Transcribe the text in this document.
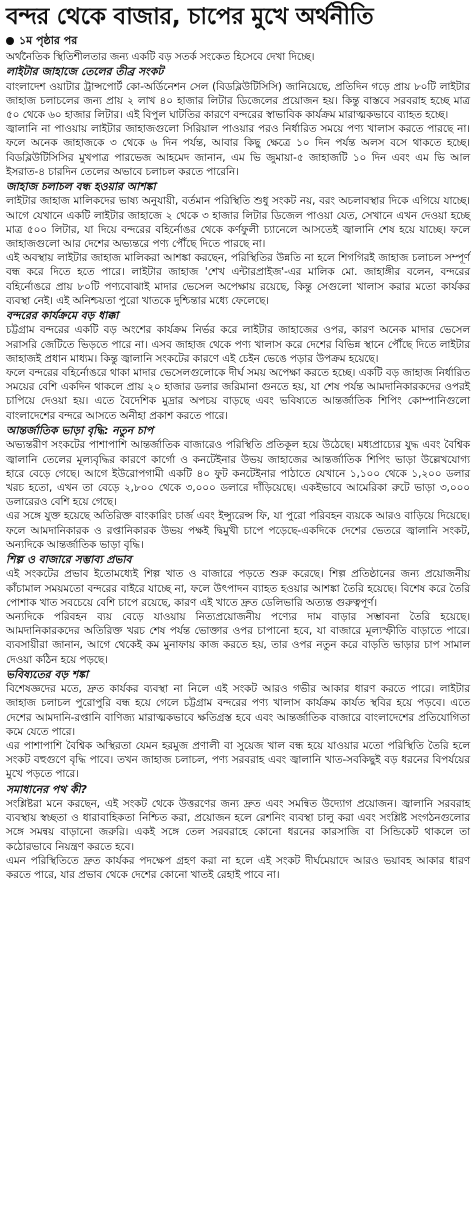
বন্দর থেকে বাজার, চাপের মুখে অর্থনীতি
১ম পৃষ্ঠার পর

অর্থনৈতিক স্থিতিশীলতার জন্য একটি বড় সতর্ক সংকেত হিসেবে দেখা দিচ্ছে।

লাইটার জাহাজে তেলের তীব্র সংকট

বাংলাদেশ ওয়াটার ট্রান্সপোর্ট কো-অর্ডিনেশন সেল (বিডব্লিউটিসিসি) জানিয়েছে, প্রতিদিন গড়ে প্রায় ৮০টি লাইটার জাহাজ চলাচলের জন্য প্রায় ২ লাখ ৪০ হাজার লিটার ডিজেলের প্রয়োজন হয়। কিন্তু বাস্তবে সরবরাহ হচ্ছে মাত্র ৫০ থেকে ৬০ হাজার লিটার। এই বিপুল ঘাটতির কারণে বন্দরের স্বাভাবিক কার্যক্রম মারাত্মকভাবে ব্যাহত হচ্ছে।

জ্বালানি না পাওয়ায় লাইটার জাহাজগুলো সিরিয়াল পাওয়ার পরও নির্ধারিত সময়ে পণ্য খালাস করতে পারছে না। ফলে অনেক জাহাজকে ৩ থেকে ৬ দিন পর্যন্ত, আবার কিছু ক্ষেত্রে ১০ দিন পর্যন্ত অলস বসে থাকতে হচ্ছে। বিডব্লিউটিসিসির মুখপাত্র পারভেজ আহমেদ জানান, এম ভি জুমায়া-৫ জাহাজটি ১০ দিন এবং এম ভি আল ইসরাত-৪ চারদিন তেলের অভাবে চলাচল করতে পারেনি।

জাহাজ চলাচল বন্ধ হওয়ার আশঙ্কা

লাইটার জাহাজ মালিকদের ভাষ্য অনুযায়ী, বর্তমান পরিস্থিতি শুধু সংকট নয়, বরং অচলাবস্থার দিকে এগিয়ে যাচ্ছে। আগে যেখানে একটি লাইটার জাহাজে ২ থেকে ৩ হাজার লিটার ডিজেল পাওয়া যেত, সেখানে এখন দেওয়া হচ্ছে মাত্র ৫০০ লিটার, যা দিয়ে বন্দরের বহির্নোঙর থেকে কর্ণফুলী চ্যানেলে আসতেই জ্বালানি শেষ হয়ে যাচ্ছে। ফলে জাহাজগুলো আর দেশের অভ্যন্তরে পণ্য পৌঁছে দিতে পারছে না।

এই অবস্থায় লাইটার জাহাজ মালিকরা আশঙ্কা করছেন, পরিস্থিতির উন্নতি না হলে শিগগিরই জাহাজ চলাচল সম্পূর্ণ বন্ধ করে দিতে হতে পারে। লাইটার জাহাজ 'শেখ এন্টারপ্রাইজ'-এর মালিক মো. জাহাঙ্গীর বলেন, বন্দরের বহির্নোঙরে প্রায় ৮০টি পণ্যবোঝাই মাদার ভেসেল অপেক্ষায় রয়েছে, কিন্তু সেগুলো খালাস করার মতো কার্যকর ব্যবস্থা নেই। এই অনিশ্চয়তা পুরো খাতকে দুশ্চিন্তার মধ্যে ফেলেছে।

বন্দরের কার্যক্রমে বড় ধাক্কা

চট্টগ্রাম বন্দরের একটি বড় অংশের কার্যক্রম নির্ভর করে লাইটার জাহাজের ওপর, কারণ অনেক মাদার ভেসেল সরাসরি জেটিতে ভিড়তে পারে না। এসব জাহাজ থেকে পণ্য খালাস করে দেশের বিভিন্ন স্থানে পৌঁছে দিতে লাইটার জাহাজই প্রধান মাধ্যম। কিন্তু জ্বালানি সংকটের কারণে এই চেইন ভেঙে পড়ার উপক্রম হয়েছে।

ফলে বন্দরের বহির্নোঙরে থাকা মাদার ভেসেলগুলোকে দীর্ঘ সময় অপেক্ষা করতে হচ্ছে। একটি বড় জাহাজ নির্ধারিত সময়ের বেশি একদিন থাকলে প্রায় ২০ হাজার ডলার জরিমানা গুনতে হয়, যা শেষ পর্যন্ত আমদানিকারকদের ওপরই চাপিয়ে দেওয়া হয়। এতে বৈদেশিক মুদ্রার অপচয় বাড়ছে এবং ভবিষ্যতে আন্তর্জাতিক শিপিং কোম্পানিগুলো বাংলাদেশের বন্দরে আসতে অনীহা প্রকাশ করতে পারে।

আন্তর্জাতিক ভাড়া বৃদ্ধি: নতুন চাপ

অভ্যন্তরীণ সংকটের পাশাপাশি আন্তর্জাতিক বাজারেও পরিস্থিতি প্রতিকূল হয়ে উঠেছে। মধ্যপ্রাচ্যের যুদ্ধ এবং বৈশ্বিক জ্বালানি তেলের মূল্যবৃদ্ধির কারণে কার্গো ও কনটেইনার উভয় জাহাজের আন্তর্জাতিক শিপিং ভাড়া উল্লেখযোগ্য হারে বেড়ে গেছে। আগে ইউরোপগামী একটি ৪০ ফুট কনটেইনার পাঠাতে যেখানে ১,১০০ থেকে ১,২০০ ডলার খরচ হতো, এখন তা বেড়ে ২,৮০০ থেকে ৩,০০০ ডলারে দাঁড়িয়েছে। একইভাবে আমেরিকা রুটে ভাড়া ৩,০০০ ডলারেরও বেশি হয়ে গেছে।

এর সঙ্গে যুক্ত হয়েছে অতিরিক্ত বাংকারিং চার্জ এবং ইন্স্যুরেন্স ফি, যা পুরো পরিবহন ব্যয়কে আরও বাড়িয়ে দিয়েছে। ফলে আমদানিকারক ও রপ্তানিকারক উভয় পক্ষই দ্বিমুখী চাপে পড়েছে-একদিকে দেশের ভেতরে জ্বালানি সংকট, অন্যদিকে আন্তর্জাতিক ভাড়া বৃদ্ধি।

শিল্প ও বাজারে সম্ভাব্য প্রভাব

এই সংকটের প্রভাব ইতোমধ্যেই শিল্প খাত ও বাজারে পড়তে শুরু করেছে। শিল্প প্রতিষ্ঠানের জন্য প্রয়োজনীয় কাঁচামাল সময়মতো বন্দরের বাইরে যাচ্ছে না, ফলে উৎপাদন ব্যাহত হওয়ার আশঙ্কা তৈরি হয়েছে। বিশেষ করে তৈরি পোশাক খাত সবচেয়ে বেশি চাপে রয়েছে, কারণ এই খাতে দ্রুত ডেলিভারি অত্যন্ত গুরুত্বপূর্ণ।

অন্যদিকে পরিবহন ব্যয় বেড়ে যাওয়ায় নিত্যপ্রয়োজনীয় পণ্যের দাম বাড়ার সম্ভাবনা তৈরি হয়েছে। আমদানিকারকদের অতিরিক্ত খরচ শেষ পর্যন্ত ভোক্তার ওপর চাপানো হবে, যা বাজারে মূল্যস্ফীতি বাড়াতে পারে। ব্যবসায়ীরা জানান, আগে থেকেই কম মুনাফায় কাজ করতে হয়, তার ওপর নতুন করে বাড়তি ভাড়ার চাপ সামাল দেওয়া কঠিন হয়ে পড়ছে।

ভবিষ্যতের বড় শঙ্কা

বিশেষজ্ঞদের মতে, দ্রুত কার্যকর ব্যবস্থা না নিলে এই সংকট আরও গভীর আকার ধারণ করতে পারে। লাইটার জাহাজ চলাচল পুরোপুরি বন্ধ হয়ে গেলে চট্টগ্রাম বন্দরের পণ্য খালাস কার্যক্রম কার্যত স্থবির হয়ে পড়বে। এতে দেশের আমদানি-রপ্তানি বাণিজ্য মারাত্মকভাবে ক্ষতিগ্রস্ত হবে এবং আন্তর্জাতিক বাজারে বাংলাদেশের প্রতিযোগিতা কমে যেতে পারে।

এর পাশাপাশি বৈশ্বিক অস্থিরতা যেমন হরমুজ প্রণালী বা সুয়েজ খাল বন্ধ হয়ে যাওয়ার মতো পরিস্থিতি তৈরি হলে সংকট বহুগুণে বৃদ্ধি পাবে। তখন জাহাজ চলাচল, পণ্য সরবরাহ এবং জ্বালানি খাত-সবকিছুই বড় ধরনের বিপর্যয়ের মুখে পড়তে পারে।

সমাধানের পথ কী?

সংশ্লিষ্টরা মনে করছেন, এই সংকট থেকে উত্তরণের জন্য দ্রুত এবং সমন্বিত উদ্যোগ প্রয়োজন। জ্বালানি সরবরাহ ব্যবস্থায় স্বচ্ছতা ও ধারাবাহিকতা নিশ্চিত করা, প্রয়োজন হলে রেশনিং ব্যবস্থা চালু করা এবং সংশ্লিষ্ট সংগঠনগুলোর সঙ্গে সমন্বয় বাড়ানো জরুরি। একই সঙ্গে তেল সরবরাহে কোনো ধরনের কারসাজি বা সিন্ডিকেট থাকলে তা কঠোরভাবে নিয়ন্ত্রণ করতে হবে।

এমন পরিস্থিতিতে দ্রুত কার্যকর পদক্ষেপ গ্রহণ করা না হলে এই সংকট দীর্ঘমেয়াদে আরও ভয়াবহ আকার ধারণ করতে পারে, যার প্রভাব থেকে দেশের কোনো খাতই রেহাই পাবে না।
